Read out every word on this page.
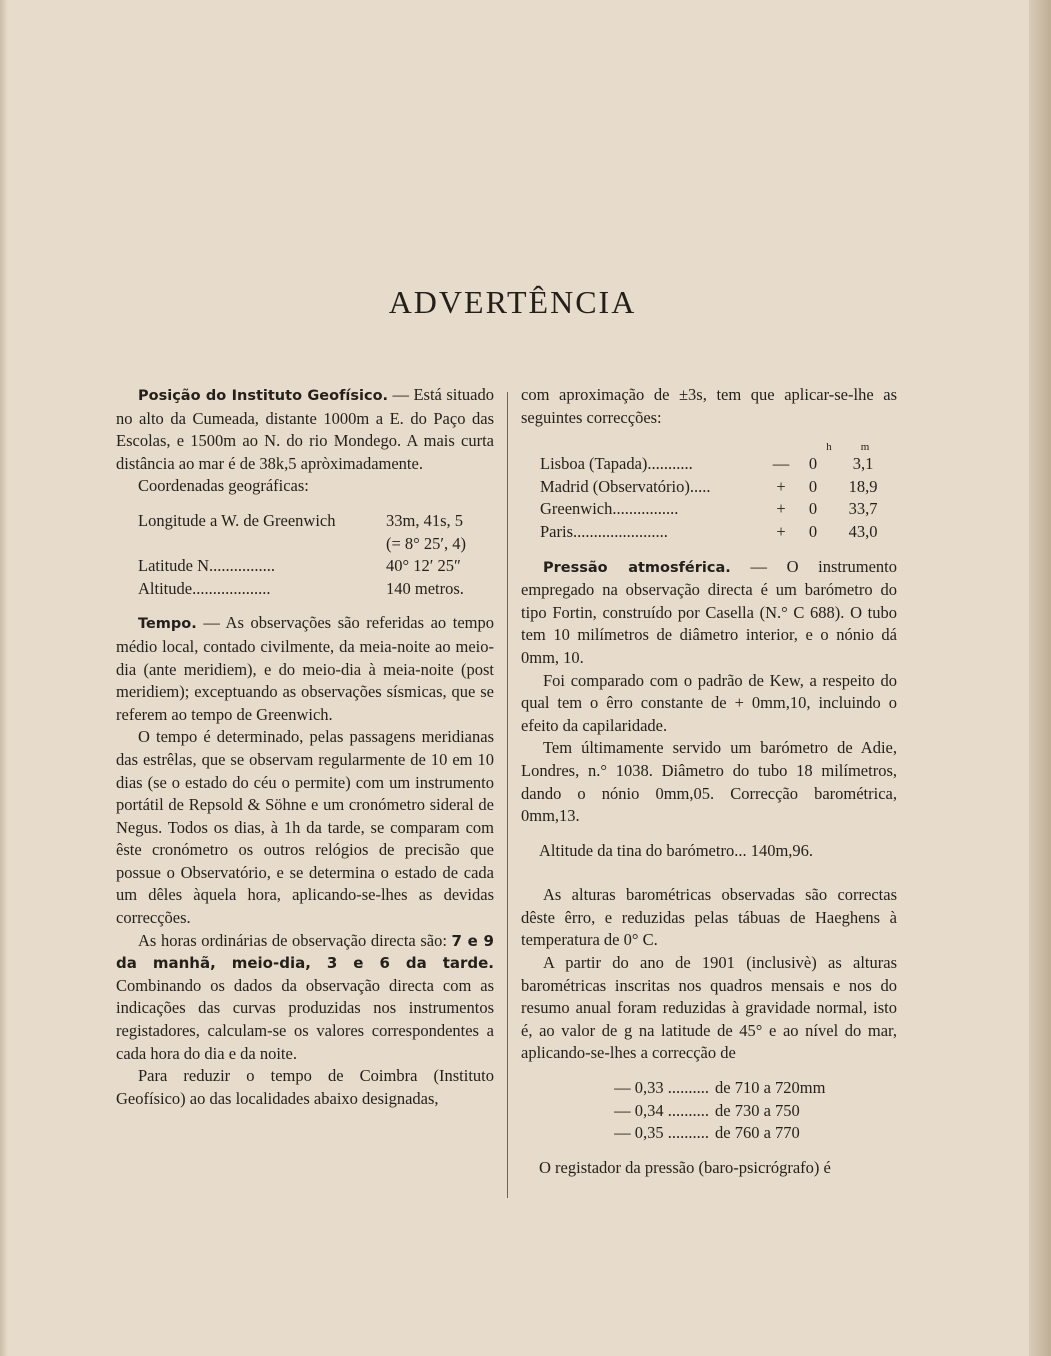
ADVERTÊNCIA

Posição do Instituto Geofísico. — Está situado no alto da Cumeada, distante 1000m a E. do Paço das Escolas, e 1500m ao N. do rio Mondego. A mais curta distância ao mar é de 38k,5 apròximadamente.

Coordenadas geográficas:

Longitude a W. de Greenwich	33m, 41s, 5
(= 8° 25′, 4)
Latitude N................	40° 12′ 25″
Altitude...................	140 metros.

Tempo. — As observações são referidas ao tempo médio local, contado civilmente, da meia-noite ao meio-dia (ante meridiem), e do meio-dia à meia-noite (post meridiem); exceptuando as observações sísmicas, que se referem ao tempo de Greenwich.

O tempo é determinado, pelas passagens meridianas das estrêlas, que se observam regularmente de 10 em 10 dias (se o estado do céu o permite) com um instrumento portátil de Repsold & Söhne e um cronómetro sideral de Negus. Todos os dias, à 1h da tarde, se comparam com êste cronómetro os outros relógios de precisão que possue o Observatório, e se determina o estado de cada um dêles àquela hora, aplicando-se-lhes as devidas correcções.

As horas ordinárias de observação directa são: 7 e 9 da manhã, meio-dia, 3 e 6 da tarde. Combinando os dados da observação directa com as indicações das curvas produzidas nos instrumentos registadores, calculam-se os valores correspondentes a cada hora do dia e da noite.

Para reduzir o tempo de Coimbra (Instituto Geofísico) ao das localidades abaixo designadas,

com aproximação de ±3s, tem que aplicar-se-lhe as seguintes correcções:

h	m
Lisboa (Tapada)...........	—	0	3,1
Madrid (Observatório).....	+	0	18,9
Greenwich................	+	0	33,7
Paris.......................	+	0	43,0

Pressão atmosférica. — O instrumento empregado na observação directa é um barómetro do tipo Fortin, construído por Casella (N.° C 688). O tubo tem 10 milímetros de diâmetro interior, e o nónio dá 0mm, 10.

Foi comparado com o padrão de Kew, a respeito do qual tem o êrro constante de + 0mm,10, incluindo o efeito da capilaridade.

Tem últimamente servido um barómetro de Adie, Londres, n.° 1038. Diâmetro do tubo 18 milímetros, dando o nónio 0mm,05. Correcção barométrica, 0mm,13.

Altitude da tina do barómetro... 140m,96.

As alturas barométricas observadas são correctas dêste êrro, e reduzidas pelas tábuas de Haeghens à temperatura de 0° C.

A partir do ano de 1901 (inclusivè) as alturas barométricas inscritas nos quadros mensais e nos do resumo anual foram reduzidas à gravidade normal, isto é, ao valor de g na latitude de 45° e ao nível do mar, aplicando-se-lhes a correcção de

— 0,33 .......... de 710 a 720mm
— 0,34 .......... de 730 a 750
— 0,35 .......... de 760 a 770

O registador da pressão (baro-psicrógrafo) é
